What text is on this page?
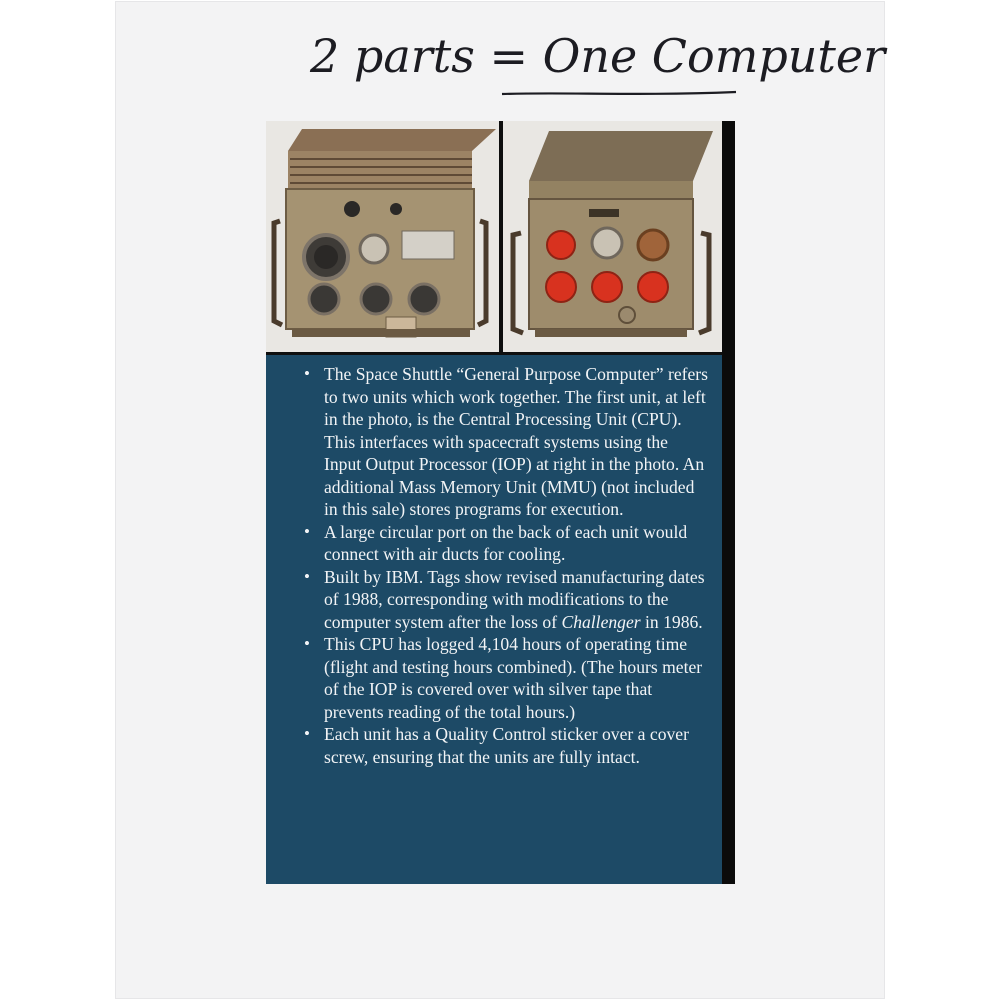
2 parts = One Computer
• The Space Shuttle “General Purpose Computer” refers to two units which work together. The first unit, at left in the photo, is the Central Processing Unit (CPU). This interfaces with spacecraft systems using the Input Output Processor (IOP) at right in the photo. An additional Mass Memory Unit (MMU) (not included in this sale) stores programs for execution.
• A large circular port on the back of each unit would connect with air ducts for cooling.
• Built by IBM. Tags show revised manufacturing dates of 1988, corresponding with modifications to the computer system after the loss of Challenger in 1986.
• This CPU has logged 4,104 hours of operating time (flight and testing hours combined). (The hours meter of the IOP is covered over with silver tape that prevents reading of the total hours.)
• Each unit has a Quality Control sticker over a cover screw, ensuring that the units are fully intact.
